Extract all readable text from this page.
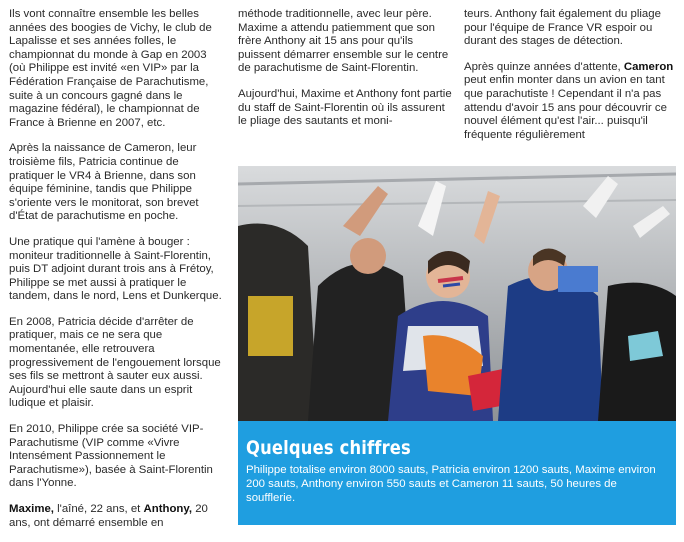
Ils vont connaître ensemble les belles années des boogies de Vichy, le club de Lapalisse et ses années folles, le championnat du monde à Gap en 2003 (où Philippe est invité «en VIP» par la Fédération Française de Parachutisme, suite à un concours gagné dans le magazine fédéral), le championnat de France à Brienne en 2007, etc.

Après la naissance de Cameron, leur troisième fils, Patricia continue de pratiquer le VR4 à Brienne, dans son équipe féminine, tandis que Philippe s'oriente vers le monitorat, son brevet d'État de parachutisme en poche.

Une pratique qui l'amène à bouger : moniteur traditionnelle à Saint-Florentin, puis DT adjoint durant trois ans à Frétoy, Philippe se met aussi à pratiquer le tandem, dans le nord, Lens et Dunkerque.

En 2008, Patricia décide d'arrêter de pratiquer, mais ce ne sera que momentanée, elle retrouvera progressivement de l'engouement lorsque ses fils se mettront à sauter eux aussi. Aujourd'hui elle saute dans un esprit ludique et plaisir.

En 2010, Philippe crée sa société VIP-Parachutisme (VIP comme «Vivre Intensément Passionnement le Parachutisme»), basée à Saint-Florentin dans l'Yonne.

Maxime, l'aîné, 22 ans, et Anthony, 20 ans, ont démarré ensemble en

méthode traditionnelle, avec leur père. Maxime a attendu patiemment que son frère Anthony ait 15 ans pour qu'ils puissent démarrer ensemble sur le centre de parachutisme de Saint-Florentin.

Aujourd'hui, Maxime et Anthony font partie du staff de Saint-Florentin où ils assurent le pliage des sautants et moni-

teurs. Anthony fait également du pliage pour l'équipe de France VR espoir ou durant des stages de détection.

Après quinze années d'attente, Cameron peut enfin monter dans un avion en tant que parachutiste ! Cependant il n'a pas attendu d'avoir 15 ans pour découvrir ce nouvel élément qu'est l'air... puisqu'il fréquente régulièrement

Quelques chiffres

Philippe totalise environ 8000 sauts, Patricia environ 1200 sauts, Maxime environ 200 sauts, Anthony environ 550 sauts et Cameron 11 sauts, 50 heures de soufflerie.
